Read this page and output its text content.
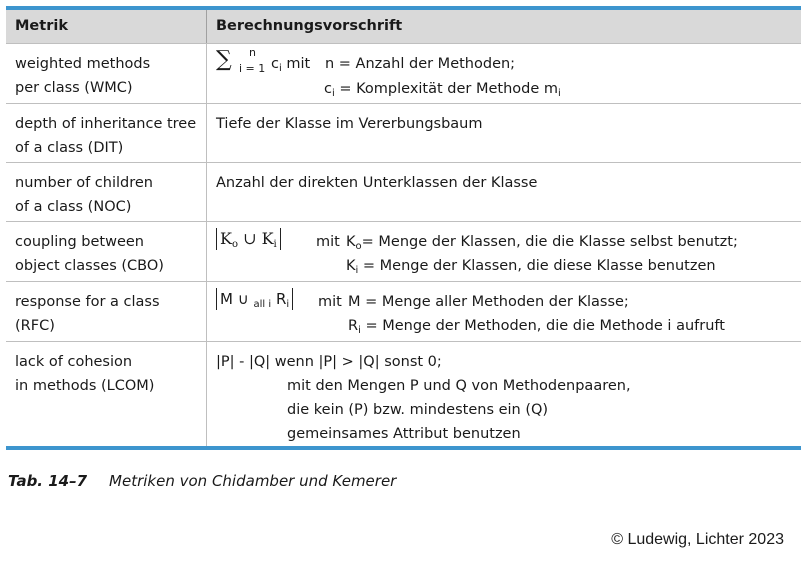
Metrik	Berechnungsvorschrift
weighted methods
per class (WMC)
∑ n
i = 1 $c_i$ mit n = Anzahl der Methoden;
$c_i$ = Komplexität der Methode $m_i$
depth of inheritance tree
of a class (DIT)
Tiefe der Klasse im Vererbungsbaum
number of children
of a class (NOC)
Anzahl der direkten Unterklassen der Klasse
coupling between
object classes (CBO)
$K_o$ ∪ $K_i$	mit $K_o=$ Menge der Klassen, die die Klasse selbst benutzt;
$K_i$ = Menge der Klassen, die diese Klasse benutzen
response for a class
(RFC)
M ∪ $_{all i}$ $R_i$ mit M = Menge aller Methoden der Klasse;
$R_i$ = Menge der Methoden, die die Methode i aufruft
lack of cohesion
in methods (LCOM)
|P| - |Q| wenn |P| > |Q| sonst 0;
mit den Mengen P und Q von Methodenpaaren,
die kein (P) bzw. mindestens ein (Q)
gemeinsames Attribut benutzen
Tab. 14–7 Metriken von Chidamber und Kemerer
© Ludewig, Lichter 2023
